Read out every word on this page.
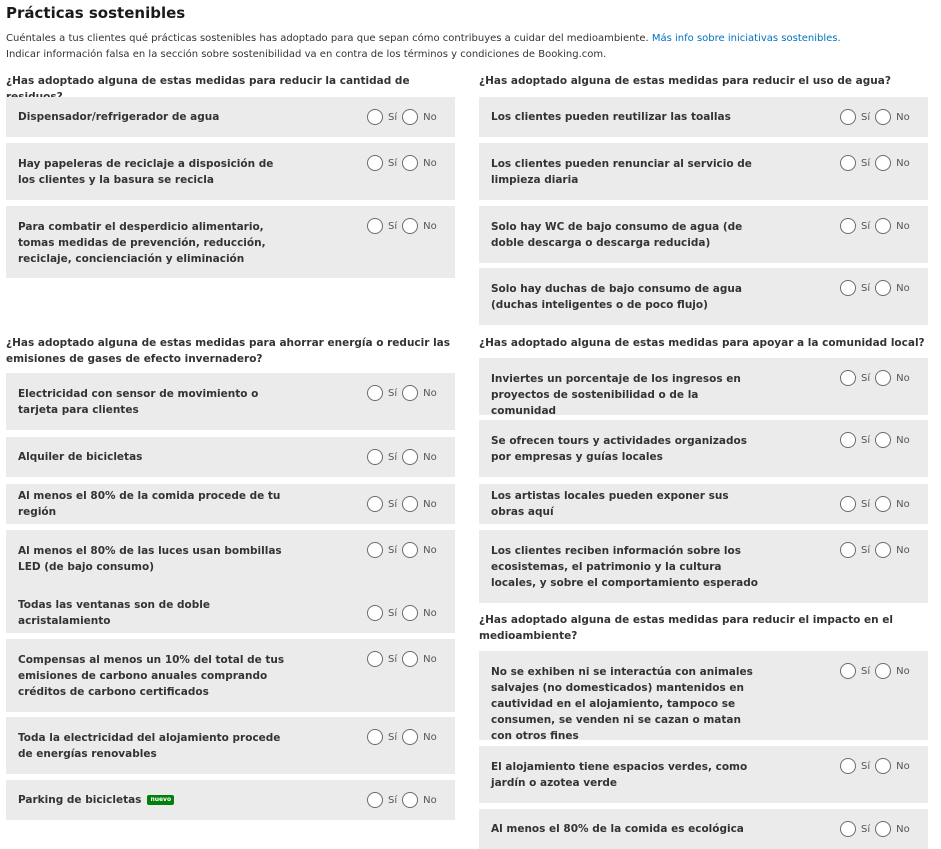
Prácticas sostenibles
Cuéntales a tus clientes qué prácticas sostenibles has adoptado para que sepan cómo contribuyes a cuidar del medioambiente. Más info sobre iniciativas sostenibles.
Indicar información falsa en la sección sobre sostenibilidad va en contra de los términos y condiciones de Booking.com.
¿Has adoptado alguna de estas medidas para reducir la cantidad de
Dispensador/refrigerador de agua	Sí	No
Hay papeleras de reciclaje a disposición de los clientes y la basura se recicla
Sí	No
Para combatir el desperdicio alimentario, tomas medidas de prevención, reducción, reciclaje, concienciación y eliminación
Sí	No
¿Has adoptado alguna de estas medidas para reducir el uso de agua?
Los clientes pueden reutilizar las toallas	Sí	No
Los clientes pueden renunciar al servicio de limpieza diaria
Sí	No
Solo hay WC de bajo consumo de agua (de doble descarga o descarga reducida)
Sí	No
Solo hay duchas de bajo consumo de agua (duchas inteligentes o de poco flujo)
Sí	No
¿Has adoptado alguna de estas medidas para ahorrar energía o reducir las emisiones de gases de efecto invernadero?
Electricidad con sensor de movimiento o tarjeta para clientes
Sí	No
Alquiler de bicicletas	Sí	No
Al menos el 80% de la comida procede de tu región
Sí	No
Al menos el 80% de las luces usan bombillas LED (de bajo consumo)
Sí	No
Todas las ventanas son de doble acristalamiento
Sí	No
Compensas al menos un 10% del total de tus emisiones de carbono anuales comprando créditos de carbono certificados
Sí	No
Toda la electricidad del alojamiento procede de energías renovables
Sí	No
Parking de bicicletas	nuevo	Sí	No
¿Has adoptado alguna de estas medidas para apoyar a la comunidad local?
Inviertes un porcentaje de los ingresos en proyectos de sostenibilidad o de la comunidad
Sí	No
Se ofrecen tours y actividades organizados por empresas y guías locales
Sí	No
Los artistas locales pueden exponer sus obras aquí
Sí	No
Los clientes reciben información sobre los ecosistemas, el patrimonio y la cultura locales, y sobre el comportamiento esperado
Sí	No
¿Has adoptado alguna de estas medidas para reducir el impacto en el medioambiente?
No se exhiben ni se interactúa con animales salvajes (no domesticados) mantenidos en cautividad en el alojamiento, tampoco se consumen, se venden ni se cazan o matan con otros fines
Sí	No
El alojamiento tiene espacios verdes, como jardín o azotea verde
Sí	No
Al menos el 80% de la comida es ecológica	Sí	No
